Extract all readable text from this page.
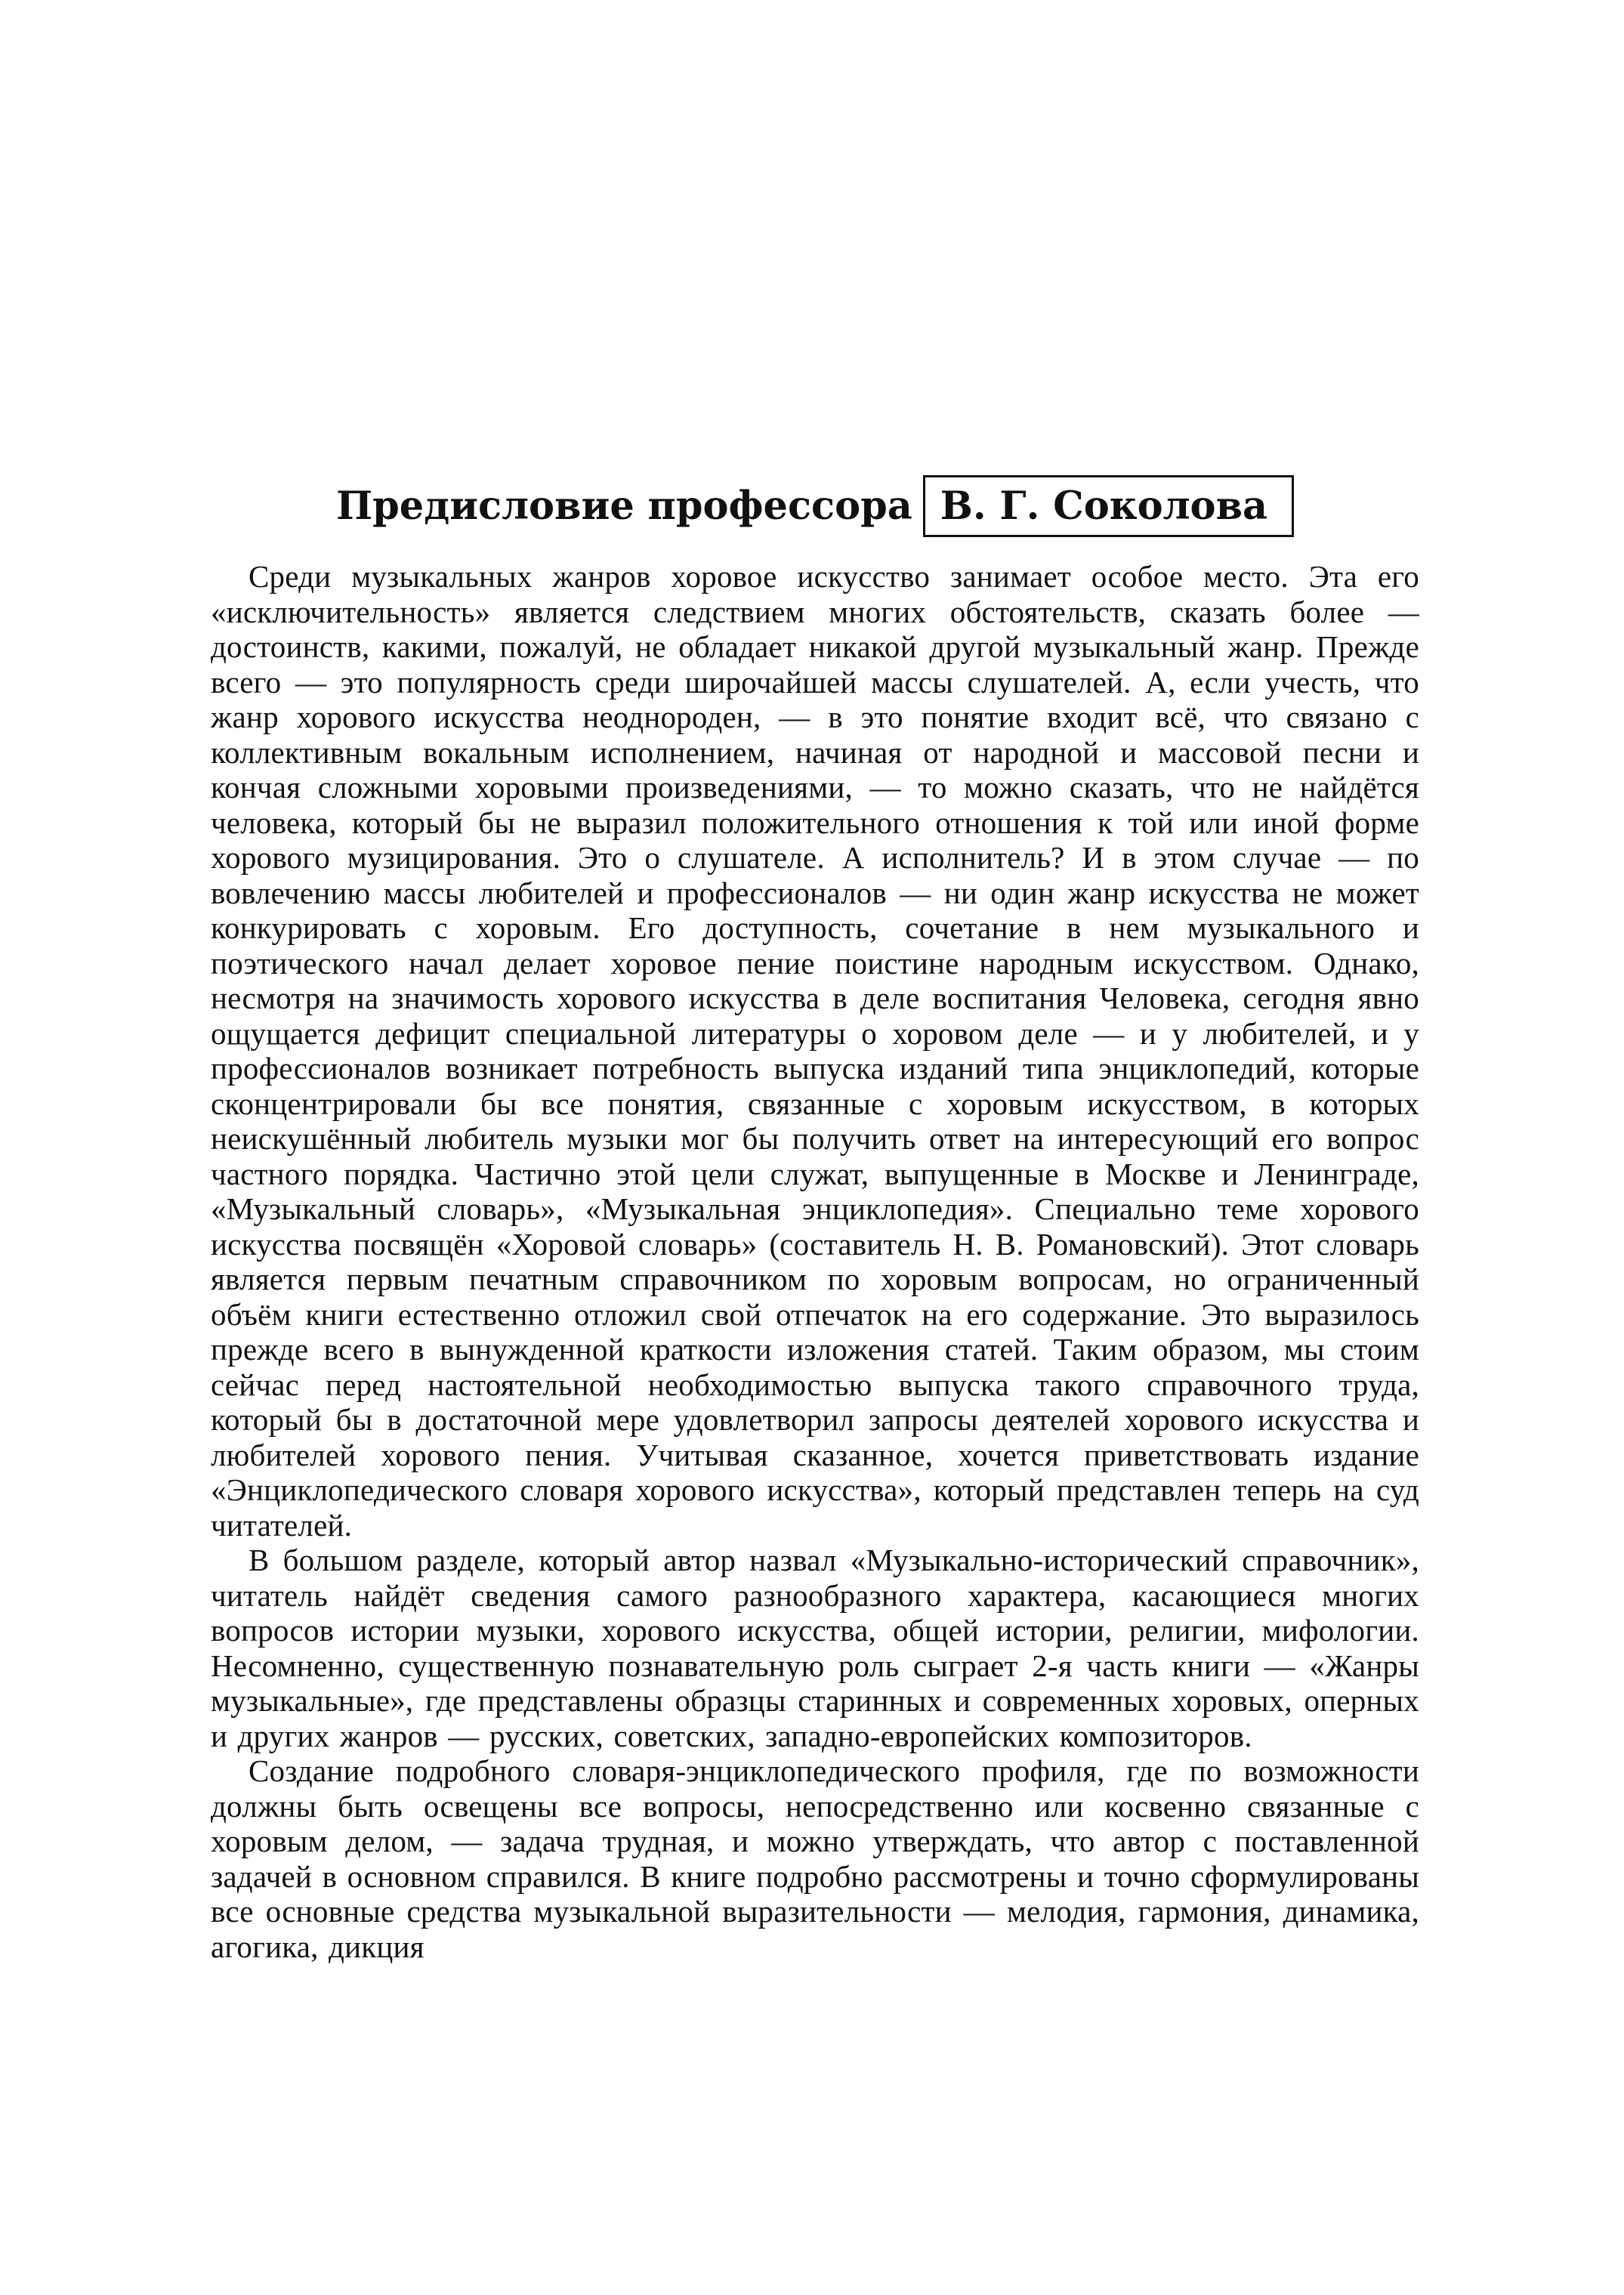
Предисловие профессора В. Г. Соколова

Среди музыкальных жанров хоровое искусство занимает особое место. Эта его «исключительность» является следствием многих обстоятельств, сказать более — достоинств, какими, пожалуй, не обладает никакой другой музыкальный жанр. Прежде всего — это популярность среди широчайшей массы слушателей. А, если учесть, что жанр хорового искусства неоднороден, — в это понятие входит всё, что связано с коллективным вокальным исполнением, начиная от народной и массовой песни и кончая сложными хоровыми произведениями, — то можно сказать, что не найдётся человека, который бы не выразил положительного отношения к той или иной форме хорового музицирования. Это о слушателе. А исполнитель? И в этом случае — по вовлечению массы любителей и профессионалов — ни один жанр искусства не может конкурировать с хоровым. Его доступность, сочетание в нем музыкального и поэтического начал делает хоровое пение поистине народным искусством. Однако, несмотря на значимость хорового искусства в деле воспитания Человека, сегодня явно ощущается дефицит специальной литературы о хоровом деле — и у любителей, и у профессионалов возникает потребность выпуска изданий типа энциклопедий, которые сконцентрировали бы все понятия, связанные с хоровым искусством, в которых неискушённый любитель музыки мог бы получить ответ на интересующий его вопрос частного порядка. Частично этой цели служат, выпущенные в Москве и Ленинграде, «Музыкальный словарь», «Музыкальная энциклопедия». Специально теме хорового искусства посвящён «Хоровой словарь» (составитель Н. В. Романовский). Этот словарь является первым печатным справочником по хоровым вопросам, но ограниченный объём книги естественно отложил свой отпечаток на его содержание. Это выразилось прежде всего в вынужденной краткости изложения статей. Таким образом, мы стоим сейчас перед настоятельной необходимостью выпуска такого справочного труда, который бы в достаточной мере удовлетворил запросы деятелей хорового искусства и любителей хорового пения. Учитывая сказанное, хочется приветствовать издание «Энциклопедического словаря хорового искусства», который представлен теперь на суд читателей.

В большом разделе, который автор назвал «Музыкально-исторический справочник», читатель найдёт сведения самого разнообразного характера, касающиеся многих вопросов истории музыки, хорового искусства, общей истории, религии, мифологии. Несомненно, существенную познавательную роль сыграет 2-я часть книги — «Жанры музыкальные», где представлены образцы старинных и современных хоровых, оперных и других жанров — русских, советских, западно-европейских композиторов.

Создание подробного словаря-энциклопедического профиля, где по возможности должны быть освещены все вопросы, непосредственно или косвенно связанные с хоровым делом, — задача трудная, и можно утверждать, что автор с поставленной задачей в основном справился. В книге подробно рассмотрены и точно сформулированы все основные средства музыкальной выразительности — мелодия, гармония, динамика, агогика, дикция
